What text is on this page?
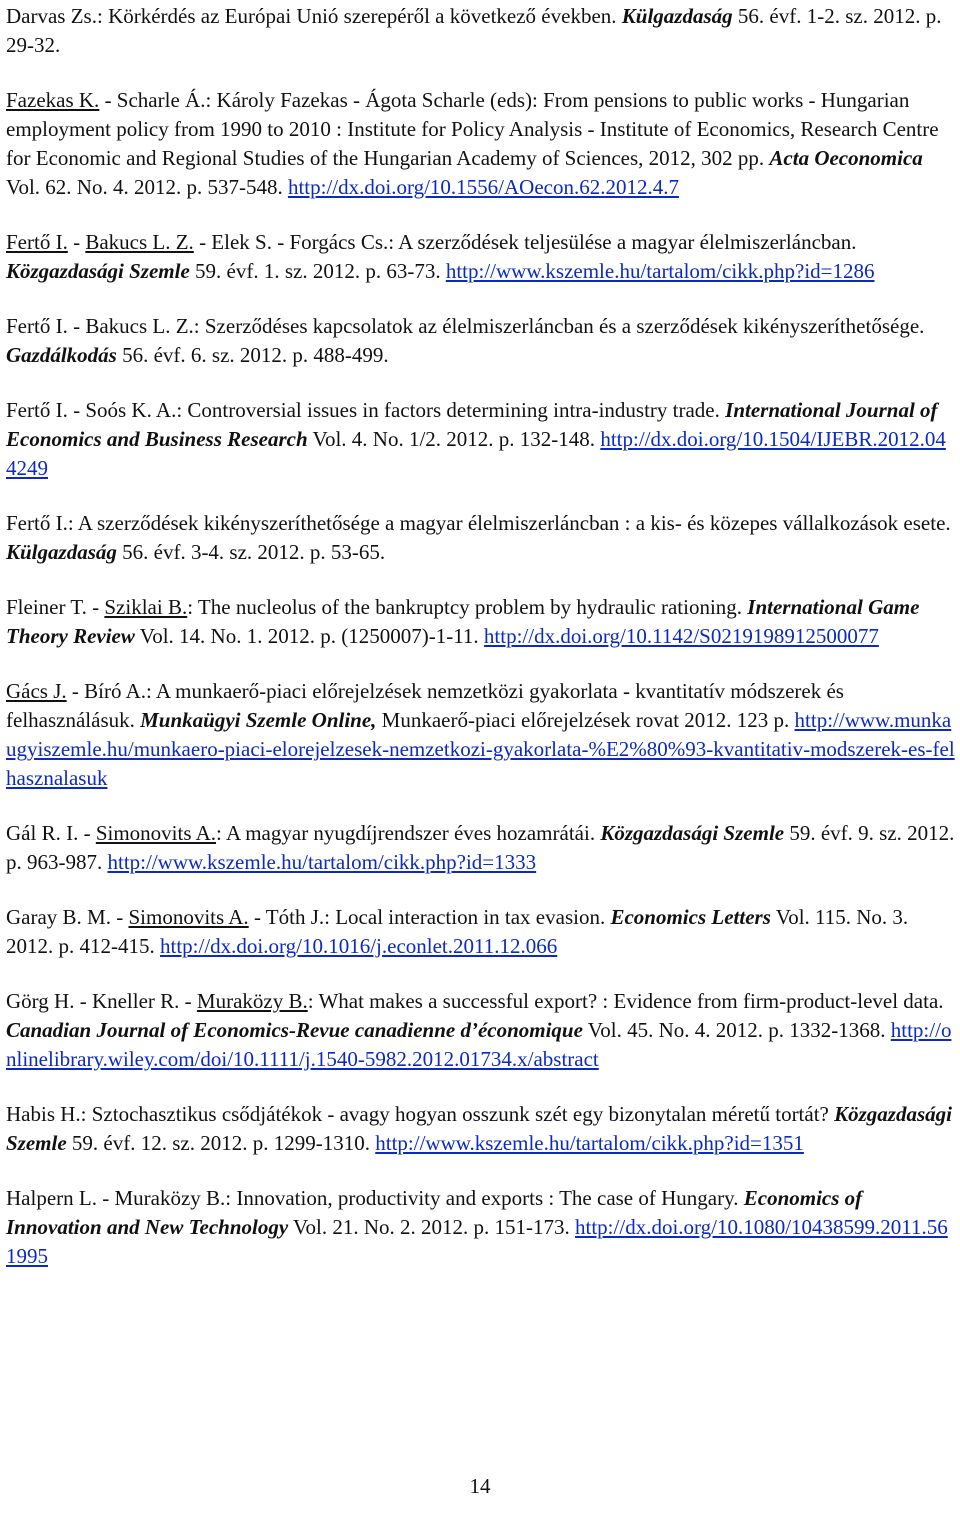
Darvas Zs.: Körkérdés az Európai Unió szerepéről a következő években. Külgazdaság 56. évf. 1-2. sz. 2012. p. 29-32.

Fazekas K. - Scharle Á.: Károly Fazekas - Ágota Scharle (eds): From pensions to public works - Hungarian employment policy from 1990 to 2010 : Institute for Policy Analysis - Institute of Economics, Research Centre for Economic and Regional Studies of the Hungarian Academy of Sciences, 2012, 302 pp. Acta Oeconomica Vol. 62. No. 4. 2012. p. 537-548. http://dx.doi.org/10.1556/AOecon.62.2012.4.7

Fertő I. - Bakucs L. Z. - Elek S. - Forgács Cs.: A szerződések teljesülése a magyar élelmiszerláncban. Közgazdasági Szemle 59. évf. 1. sz. 2012. p. 63-73. http://www.kszemle.hu/tartalom/cikk.php?id=1286

Fertő I. - Bakucs L. Z.: Szerződéses kapcsolatok az élelmiszerláncban és a szerződések kikényszeríthetősége. Gazdálkodás 56. évf. 6. sz. 2012. p. 488-499.

Fertő I. - Soós K. A.: Controversial issues in factors determining intra-industry trade. International Journal of Economics and Business Research Vol. 4. No. 1/2. 2012. p. 132-148. http://dx.doi.org/10.1504/IJEBR.2012.044249

Fertő I.: A szerződések kikényszeríthetősége a magyar élelmiszerláncban : a kis- és közepes vállalkozások esete. Külgazdaság 56. évf. 3-4. sz. 2012. p. 53-65.

Fleiner T. - Sziklai B.: The nucleolus of the bankruptcy problem by hydraulic rationing. International Game Theory Review Vol. 14. No. 1. 2012. p. (1250007)-1-11. http://dx.doi.org/10.1142/S0219198912500077

Gács J. - Bíró A.: A munkaerő-piaci előrejelzések nemzetközi gyakorlata - kvantitatív módszerek és felhasználásuk. Munkaügyi Szemle Online, Munkaerő-piaci előrejelzések rovat 2012. 123 p. http://www.munkaugyiszemle.hu/munkaero-piaci-elorejelzesek-nemzetkozi-gyakorlata-%E2%80%93-kvantitativ-modszerek-es-felhasznalasuk

Gál R. I. - Simonovits A.: A magyar nyugdíjrendszer éves hozamrátái. Közgazdasági Szemle 59. évf. 9. sz. 2012. p. 963-987. http://www.kszemle.hu/tartalom/cikk.php?id=1333

Garay B. M. - Simonovits A. - Tóth J.: Local interaction in tax evasion. Economics Letters Vol. 115. No. 3. 2012. p. 412-415. http://dx.doi.org/10.1016/j.econlet.2011.12.066

Görg H. - Kneller R. - Muraközy B.: What makes a successful export? : Evidence from firm-product-level data. Canadian Journal of Economics-Revue canadienne d’économique Vol. 45. No. 4. 2012. p. 1332-1368. http://onlinelibrary.wiley.com/doi/10.1111/j.1540-5982.2012.01734.x/abstract

Habis H.: Sztochasztikus csődjátékok - avagy hogyan osszunk szét egy bizonytalan méretű tortát? Közgazdasági Szemle 59. évf. 12. sz. 2012. p. 1299-1310. http://www.kszemle.hu/tartalom/cikk.php?id=1351

Halpern L. - Muraközy B.: Innovation, productivity and exports : The case of Hungary. Economics of Innovation and New Technology Vol. 21. No. 2. 2012. p. 151-173. http://dx.doi.org/10.1080/10438599.2011.561995

14
